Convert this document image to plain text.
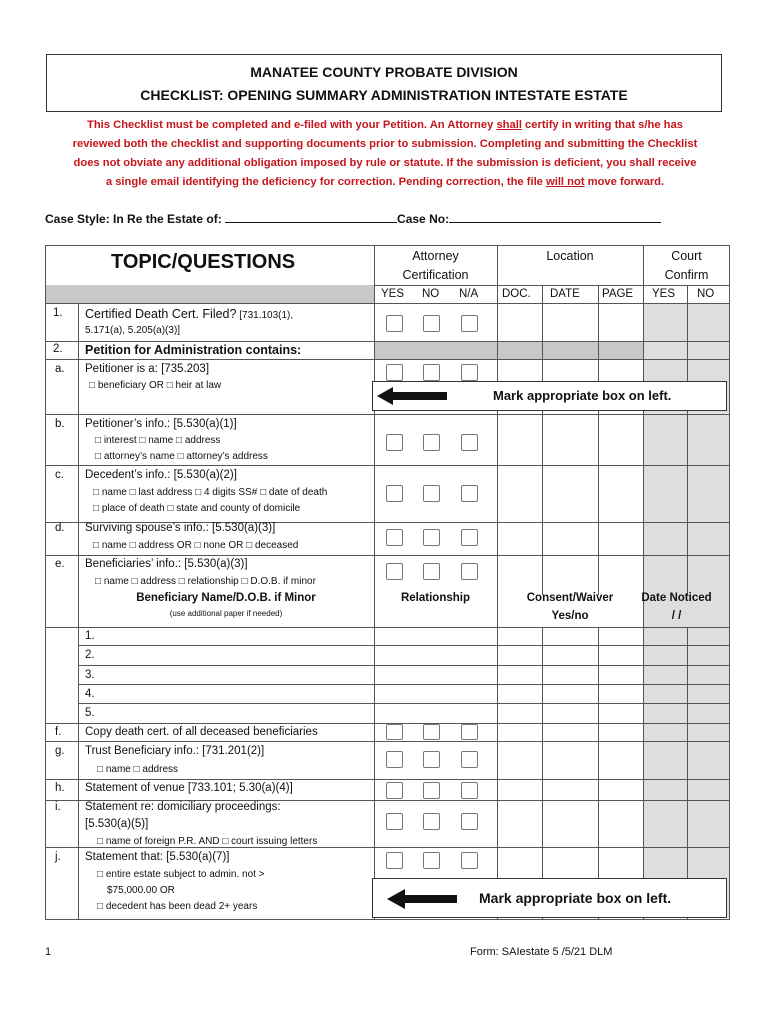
MANATEE COUNTY PROBATE DIVISION
CHECKLIST: OPENING SUMMARY ADMINISTRATION INTESTATE ESTATE
This Checklist must be completed and e-filed with your Petition. An Attorney shall certify in writing that s/he has
reviewed both the checklist and supporting documents prior to submission. Completing and submitting the Checklist
does not obviate any additional obligation imposed by rule or statute. If the submission is deficient, you shall receive
a single email identifying the deficiency for correction. Pending correction, the file will not move forward.
Case Style: In Re the Estate of:	Case No:
TOPIC/QUESTIONS	Attorney
Certification
Location	Court
Confirm
YES NO N/A DOC. DATE PAGE YES NO
1. Certified Death Cert. Filed? [731.103(1),
5.171(a), 5.205(a)(3)]
2. Petition for Administration contains:
a. Petitioner is a: [735.203]
□ beneficiary OR □ heir at law
b. Petitioner’s info.: [5.530(a)(1)]
□ interest □ name □ address
□ attorney’s name □ attorney’s address
c. Decedent’s info.: [5.530(a)(2)]
□ name □ last address □ 4 digits SS# □ date of death
□ place of death □ state and county of domicile
d. Surviving spouse’s info.: [5.530(a)(3)]
□ name □ address OR □ none OR □ deceased
e. Beneficiaries’ info.: [5.530(a)(3)]
□ name □ address □ relationship □ D.O.B. if minor
Beneficiary Name/D.O.B. if Minor
(use additional paper if needed)
Relationship	Consent/Waiver
Yes/no
Date Noticed
/ /
1.
2.
3.
4.
5.
f. Copy death cert. of all deceased beneficiaries
g. Trust Beneficiary info.: [731.201(2)]
□ name □ address
h. Statement of venue [733.101; 5.30(a)(4)]
i. Statement re: domiciliary proceedings:
[5.530(a)(5)]
□ name of foreign P.R. AND □ court issuing letters
j. Statement that: [5.530(a)(7)]
□ entire estate subject to admin. not >
$75,000.00 OR
□ decedent has been dead 2+ years
Mark appropriate box on left.
Mark appropriate box on left.
1	Form: SAIestate 5 /5/21 DLM
